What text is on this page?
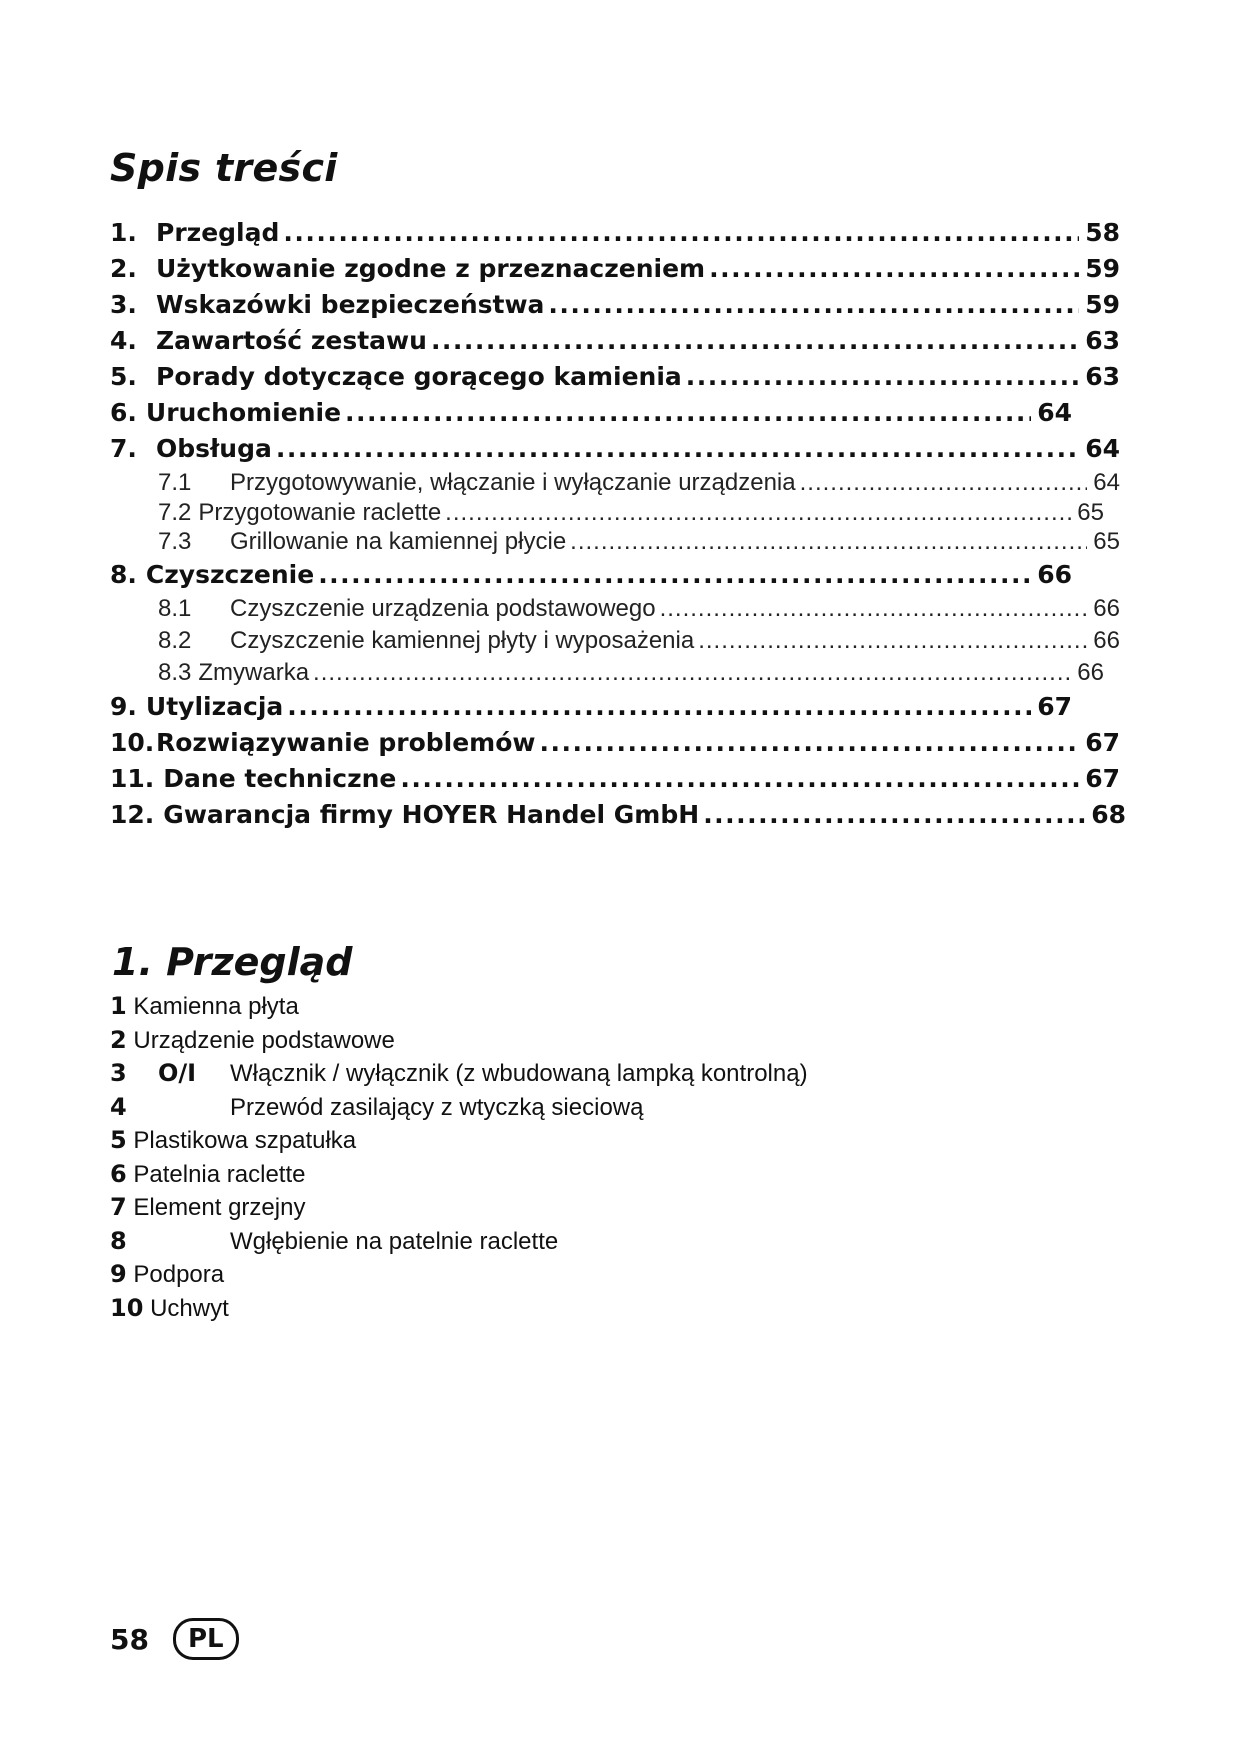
Spis treści
1. Przegląd .....	58
2. Użytkowanie zgodne z przeznaczeniem .....	59
3. Wskazówki bezpieczeństwa .....	59
4. Zawartość zestawu .....	63
5. Porady dotyczące gorącego kamienia .....	63
6. Uruchomienie .....	64
7. Obsługa .....	64
7.1	Przygotowywanie, włączanie i wyłączanie urządzenia .....	64
7.2 Przygotowanie raclette .....	65
7.3	Grillowanie na kamiennej płycie .....	65
8. Czyszczenie .....	66
8.1	Czyszczenie urządzenia podstawowego .....	66
8.2	Czyszczenie kamiennej płyty i wyposażenia .....	66
8.3 Zmywarka .....	66
9. Utylizacja .....	67
10. Rozwiązywanie problemów .....	67
11. Dane techniczne .....	67
12. Gwarancja firmy HOYER Handel GmbH .....	68
1. Przegląd
1 Kamienna płyta
2 Urządzenie podstawowe
3 O/I Włącznik / wyłącznik (z wbudowaną lampką kontrolną)
4	Przewód zasilający z wtyczką sieciową
5 Plastikowa szpatułka
6 Patelnia raclette
7 Element grzejny
8	Wgłębienie na patelnie raclette
9 Podpora
10 Uchwyt
58	PL
